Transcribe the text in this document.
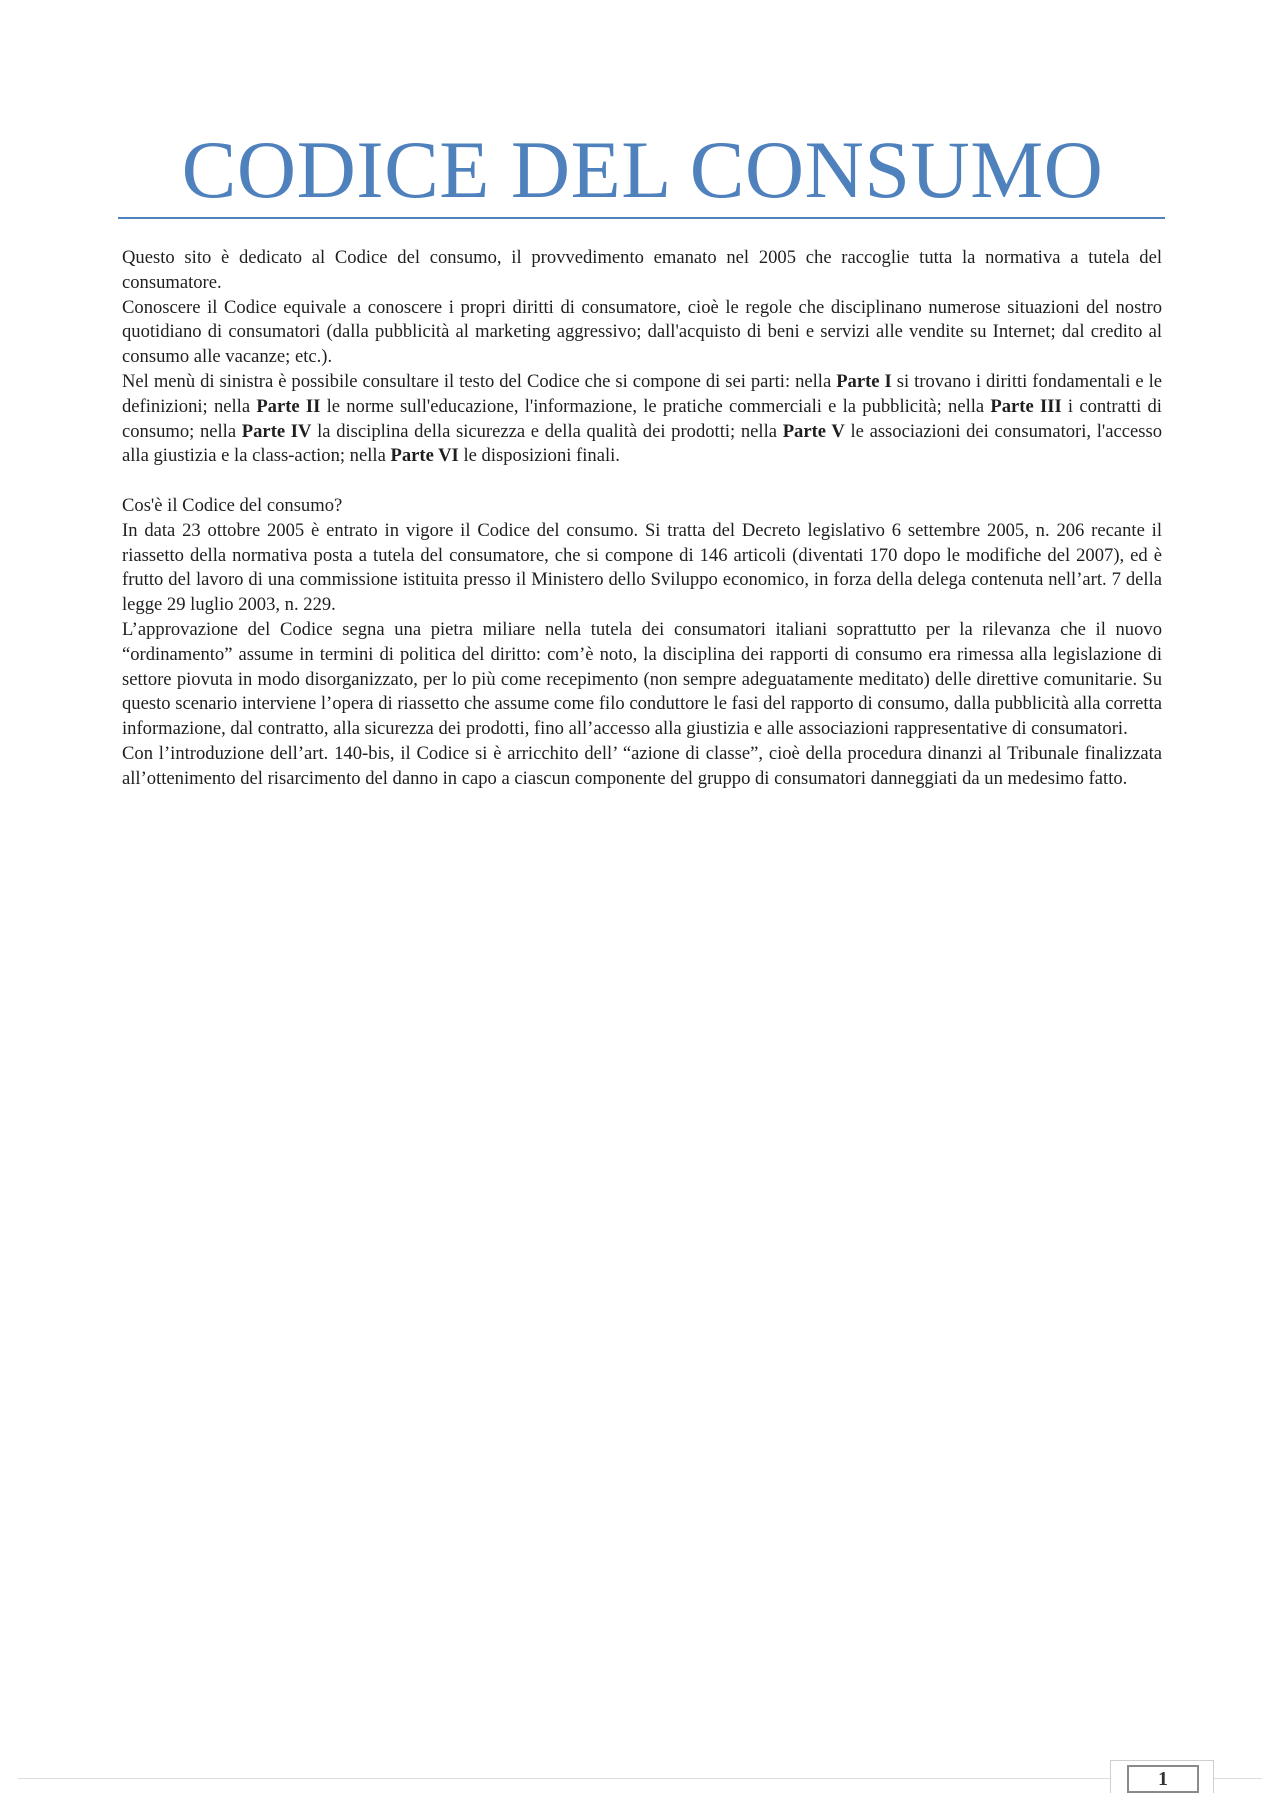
CODICE DEL CONSUMO

Questo sito è dedicato al Codice del consumo, il provvedimento emanato nel 2005 che raccoglie tutta la normativa a tutela del consumatore.

Conoscere il Codice equivale a conoscere i propri diritti di consumatore, cioè le regole che disciplinano numerose situazioni del nostro quotidiano di consumatori (dalla pubblicità al marketing aggressivo; dall'acquisto di beni e servizi alle vendite su Internet; dal credito al consumo alle vacanze; etc.).

Nel menù di sinistra è possibile consultare il testo del Codice che si compone di sei parti: nella Parte I si trovano i diritti fondamentali e le definizioni; nella Parte II le norme sull'educazione, l'informazione, le pratiche commerciali e la pubblicità; nella Parte III i contratti di consumo; nella Parte IV la disciplina della sicurezza e della qualità dei prodotti; nella Parte V le associazioni dei consumatori, l'accesso alla giustizia e la class-action; nella Parte VI le disposizioni finali.

Cos'è il Codice del consumo?

In data 23 ottobre 2005 è entrato in vigore il Codice del consumo. Si tratta del Decreto legislativo 6 settembre 2005, n. 206 recante il riassetto della normativa posta a tutela del consumatore, che si compone di 146 articoli (diventati 170 dopo le modifiche del 2007), ed è frutto del lavoro di una commissione istituita presso il Ministero dello Sviluppo economico, in forza della delega contenuta nell’art. 7 della legge 29 luglio 2003, n. 229.

L’approvazione del Codice segna una pietra miliare nella tutela dei consumatori italiani soprattutto per la rilevanza che il nuovo “ordinamento” assume in termini di politica del diritto: com’è noto, la disciplina dei rapporti di consumo era rimessa alla legislazione di settore piovuta in modo disorganizzato, per lo più come recepimento (non sempre adeguatamente meditato) delle direttive comunitarie. Su questo scenario interviene l’opera di riassetto che assume come filo conduttore le fasi del rapporto di consumo, dalla pubblicità alla corretta informazione, dal contratto, alla sicurezza dei prodotti, fino all’accesso alla giustizia e alle associazioni rappresentative di consumatori.

Con l’introduzione dell’art. 140-bis, il Codice si è arricchito dell’ “azione di classe”, cioè della procedura dinanzi al Tribunale finalizzata all’ottenimento del risarcimento del danno in capo a ciascun componente del gruppo di consumatori danneggiati da un medesimo fatto.

1
